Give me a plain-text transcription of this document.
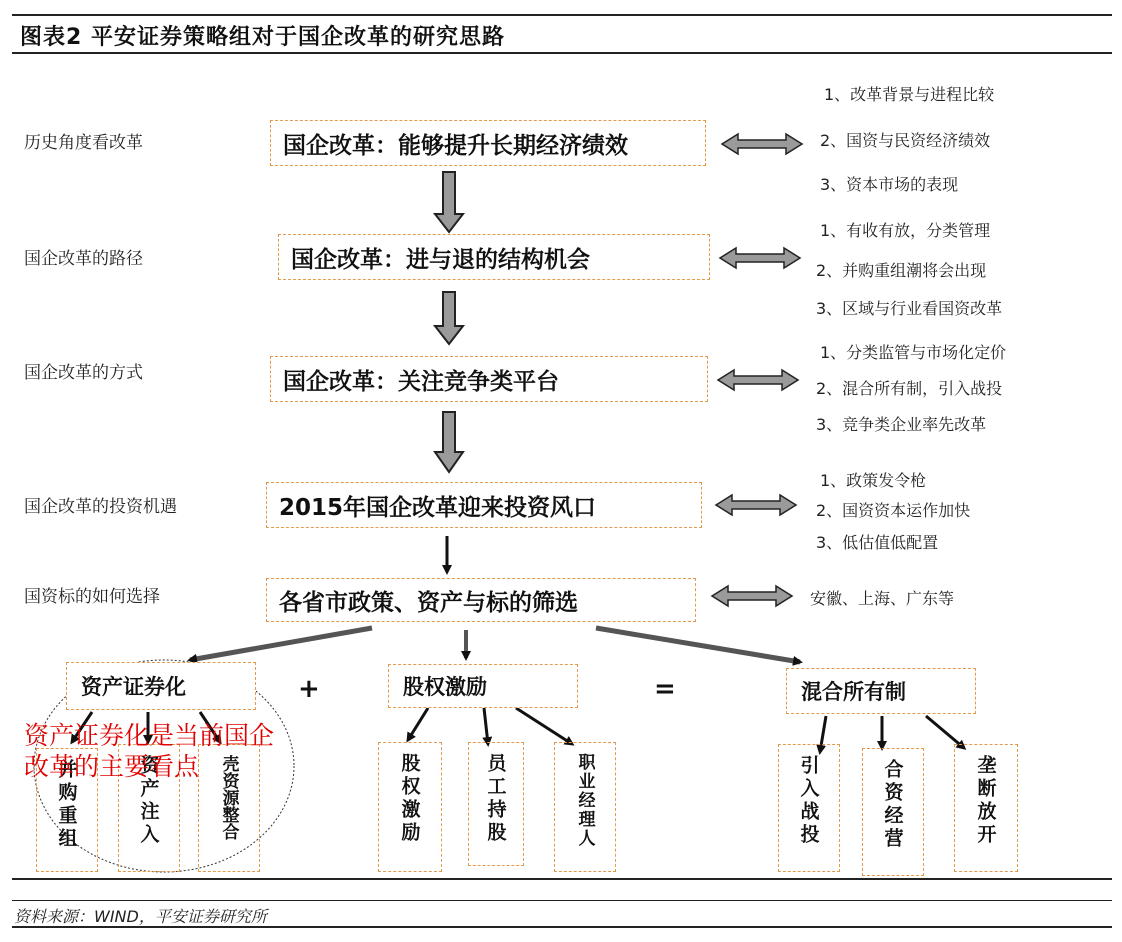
图表2 平安证券策略组对于国企改革的研究思路
历史角度看改革	国企改革：能够提升长期经济绩效
1、改革背景与进程比较
2、国资与民资经济绩效
3、资本市场的表现
国企改革的路径	国企改革：进与退的结构机会
1、有收有放，分类管理
2、并购重组潮将会出现
3、区域与行业看国资改革
国企改革的方式	国企改革：关注竞争类平台
1、分类监管与市场化定价
2、混合所有制，引入战投
3、竞争类企业率先改革
国企改革的投资机遇	2015年国企改革迎来投资风口
1、政策发令枪
2、国资资本运作加快
3、低估值低配置
国资标的如何选择	各省市政策、资产与标的筛选	安徽、上海、广东等
资产证券化	股权激励	混合所有制
+	=
并购重组	资产注入	壳资源整合	股权激励	员工持股	职业经理人	引入战投	合资经营	垄断放开
资产证券化是当前国企改革的主要看点
资料来源：WIND，平安证券研究所
